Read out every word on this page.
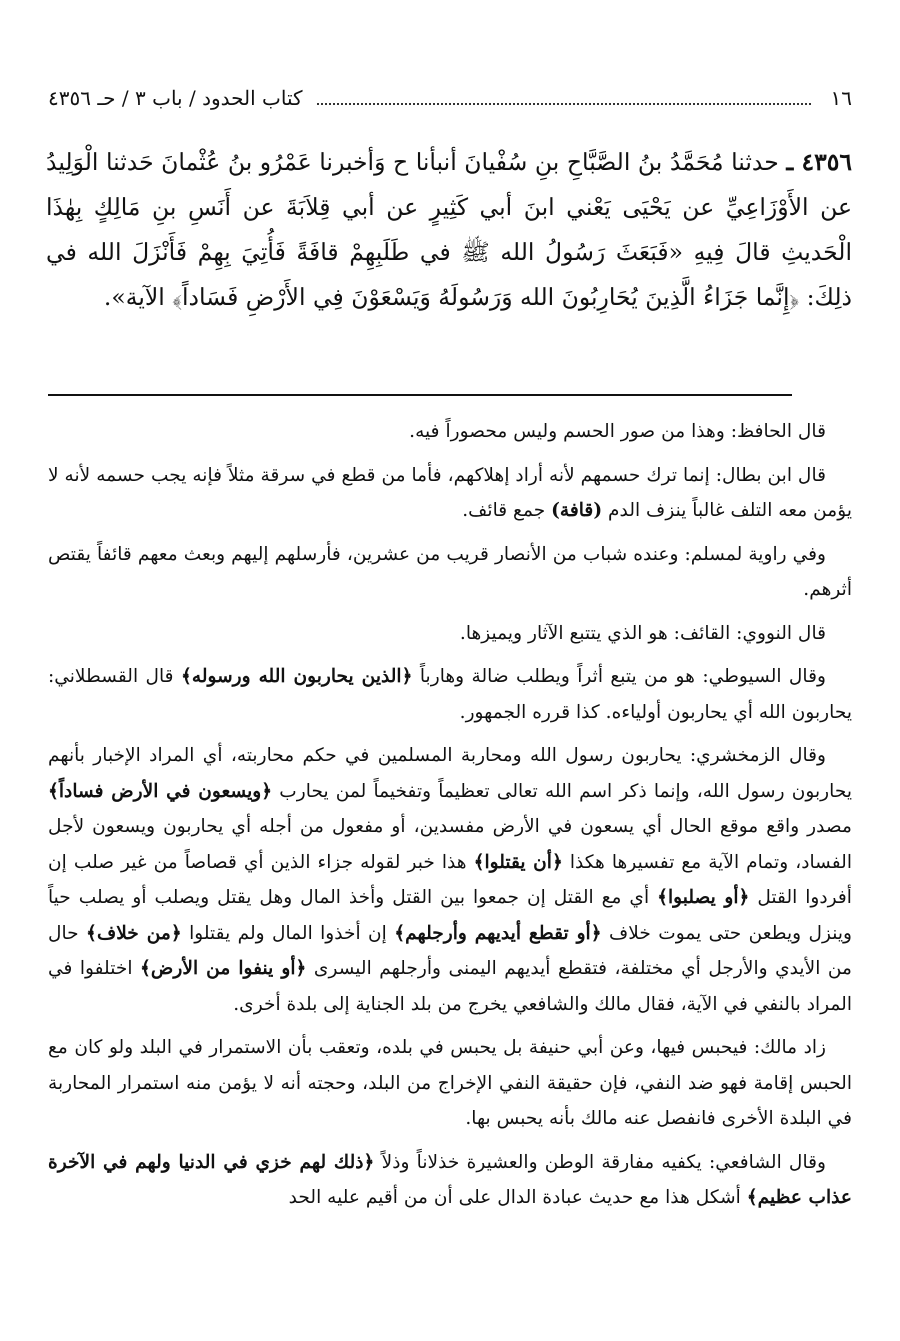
١٦
كتاب الحدود / باب ٣ / حـ ٤٣٥٦
٤٣٥٦ ـ حدثنا مُحَمَّدُ بنُ الصَّبَّاحِ بنِ سُفْيانَ أنبأنا ح وَأخبرنا عَمْرُو بنُ عُثْمانَ حَدثنا الْوَلِيدُ عن الأَوْزَاعِيِّ عن يَحْيَى يَعْني ابنَ أبي كَثِيرٍ عن أبي قِلاَبَةَ عن أَنَسِ بنِ مَالِكٍ بِهٰذَا الْحَديثِ قالَ فِيهِ «فَبَعَثَ رَسُولُ الله ﷺ في طَلَبِهِمْ قافَةً فَأُتِيَ بِهِمْ فَأَنْزَلَ الله في ذلِكَ: ﴿إِنَّما جَزَاءُ الَّذِينَ يُحَارِبُونَ الله وَرَسُولَهُ وَيَسْعَوْنَ فِي الأَرْضِ فَسَاداً﴾ الآية».

قال الحافظ: وهذا من صور الحسم وليس محصوراً فيه.

قال ابن بطال: إنما ترك حسمهم لأنه أراد إهلاكهم، فأما من قطع في سرقة مثلاً فإنه يجب حسمه لأنه لا يؤمن معه التلف غالباً ينزف الدم (قافة) جمع قائف.

وفي راوية لمسلم: وعنده شباب من الأنصار قريب من عشرين، فأرسلهم إليهم وبعث معهم قائفاً يقتص أثرهم.

قال النووي: القائف: هو الذي يتتبع الآثار ويميزها.

وقال السيوطي: هو من يتبع أثراً ويطلب ضالة وهارباً ﴿الذين يحاربون الله ورسوله﴾ قال القسطلاني: يحاربون الله أي يحاربون أولياءه. كذا قرره الجمهور.

وقال الزمخشري: يحاربون رسول الله ومحاربة المسلمين في حكم محاربته، أي المراد الإخبار بأنهم يحاربون رسول الله، وإنما ذكر اسم الله تعالى تعظيماً وتفخيماً لمن يحارب ﴿ويسعون في الأرض فساداً﴾ مصدر واقع موقع الحال أي يسعون في الأرض مفسدين، أو مفعول من أجله أي يحاربون ويسعون لأجل الفساد، وتمام الآية مع تفسيرها هكذا ﴿أن يقتلوا﴾ هذا خبر لقوله جزاء الذين أي قصاصاً من غير صلب إن أفردوا القتل ﴿أو يصلبوا﴾ أي مع القتل إن جمعوا بين القتل وأخذ المال وهل يقتل ويصلب أو يصلب حياً وينزل ويطعن حتى يموت خلاف ﴿أو تقطع أيديهم وأرجلهم﴾ إن أخذوا المال ولم يقتلوا ﴿من خلاف﴾ حال من الأيدي والأرجل أي مختلفة، فتقطع أيديهم اليمنى وأرجلهم اليسرى ﴿أو ينفوا من الأرض﴾ اختلفوا في المراد بالنفي في الآية، فقال مالك والشافعي يخرج من بلد الجناية إلى بلدة أخرى.

زاد مالك: فيحبس فيها، وعن أبي حنيفة بل يحبس في بلده، وتعقب بأن الاستمرار في البلد ولو كان مع الحبس إقامة فهو ضد النفي، فإن حقيقة النفي الإخراج من البلد، وحجته أنه لا يؤمن منه استمرار المحاربة في البلدة الأخرى فانفصل عنه مالك بأنه يحبس بها.

وقال الشافعي: يكفيه مفارقة الوطن والعشيرة خذلاناً وذلاً ﴿ذلك لهم خزي في الدنيا ولهم في الآخرة عذاب عظيم﴾ أشكل هذا مع حديث عبادة الدال على أن من أقيم عليه الحد
